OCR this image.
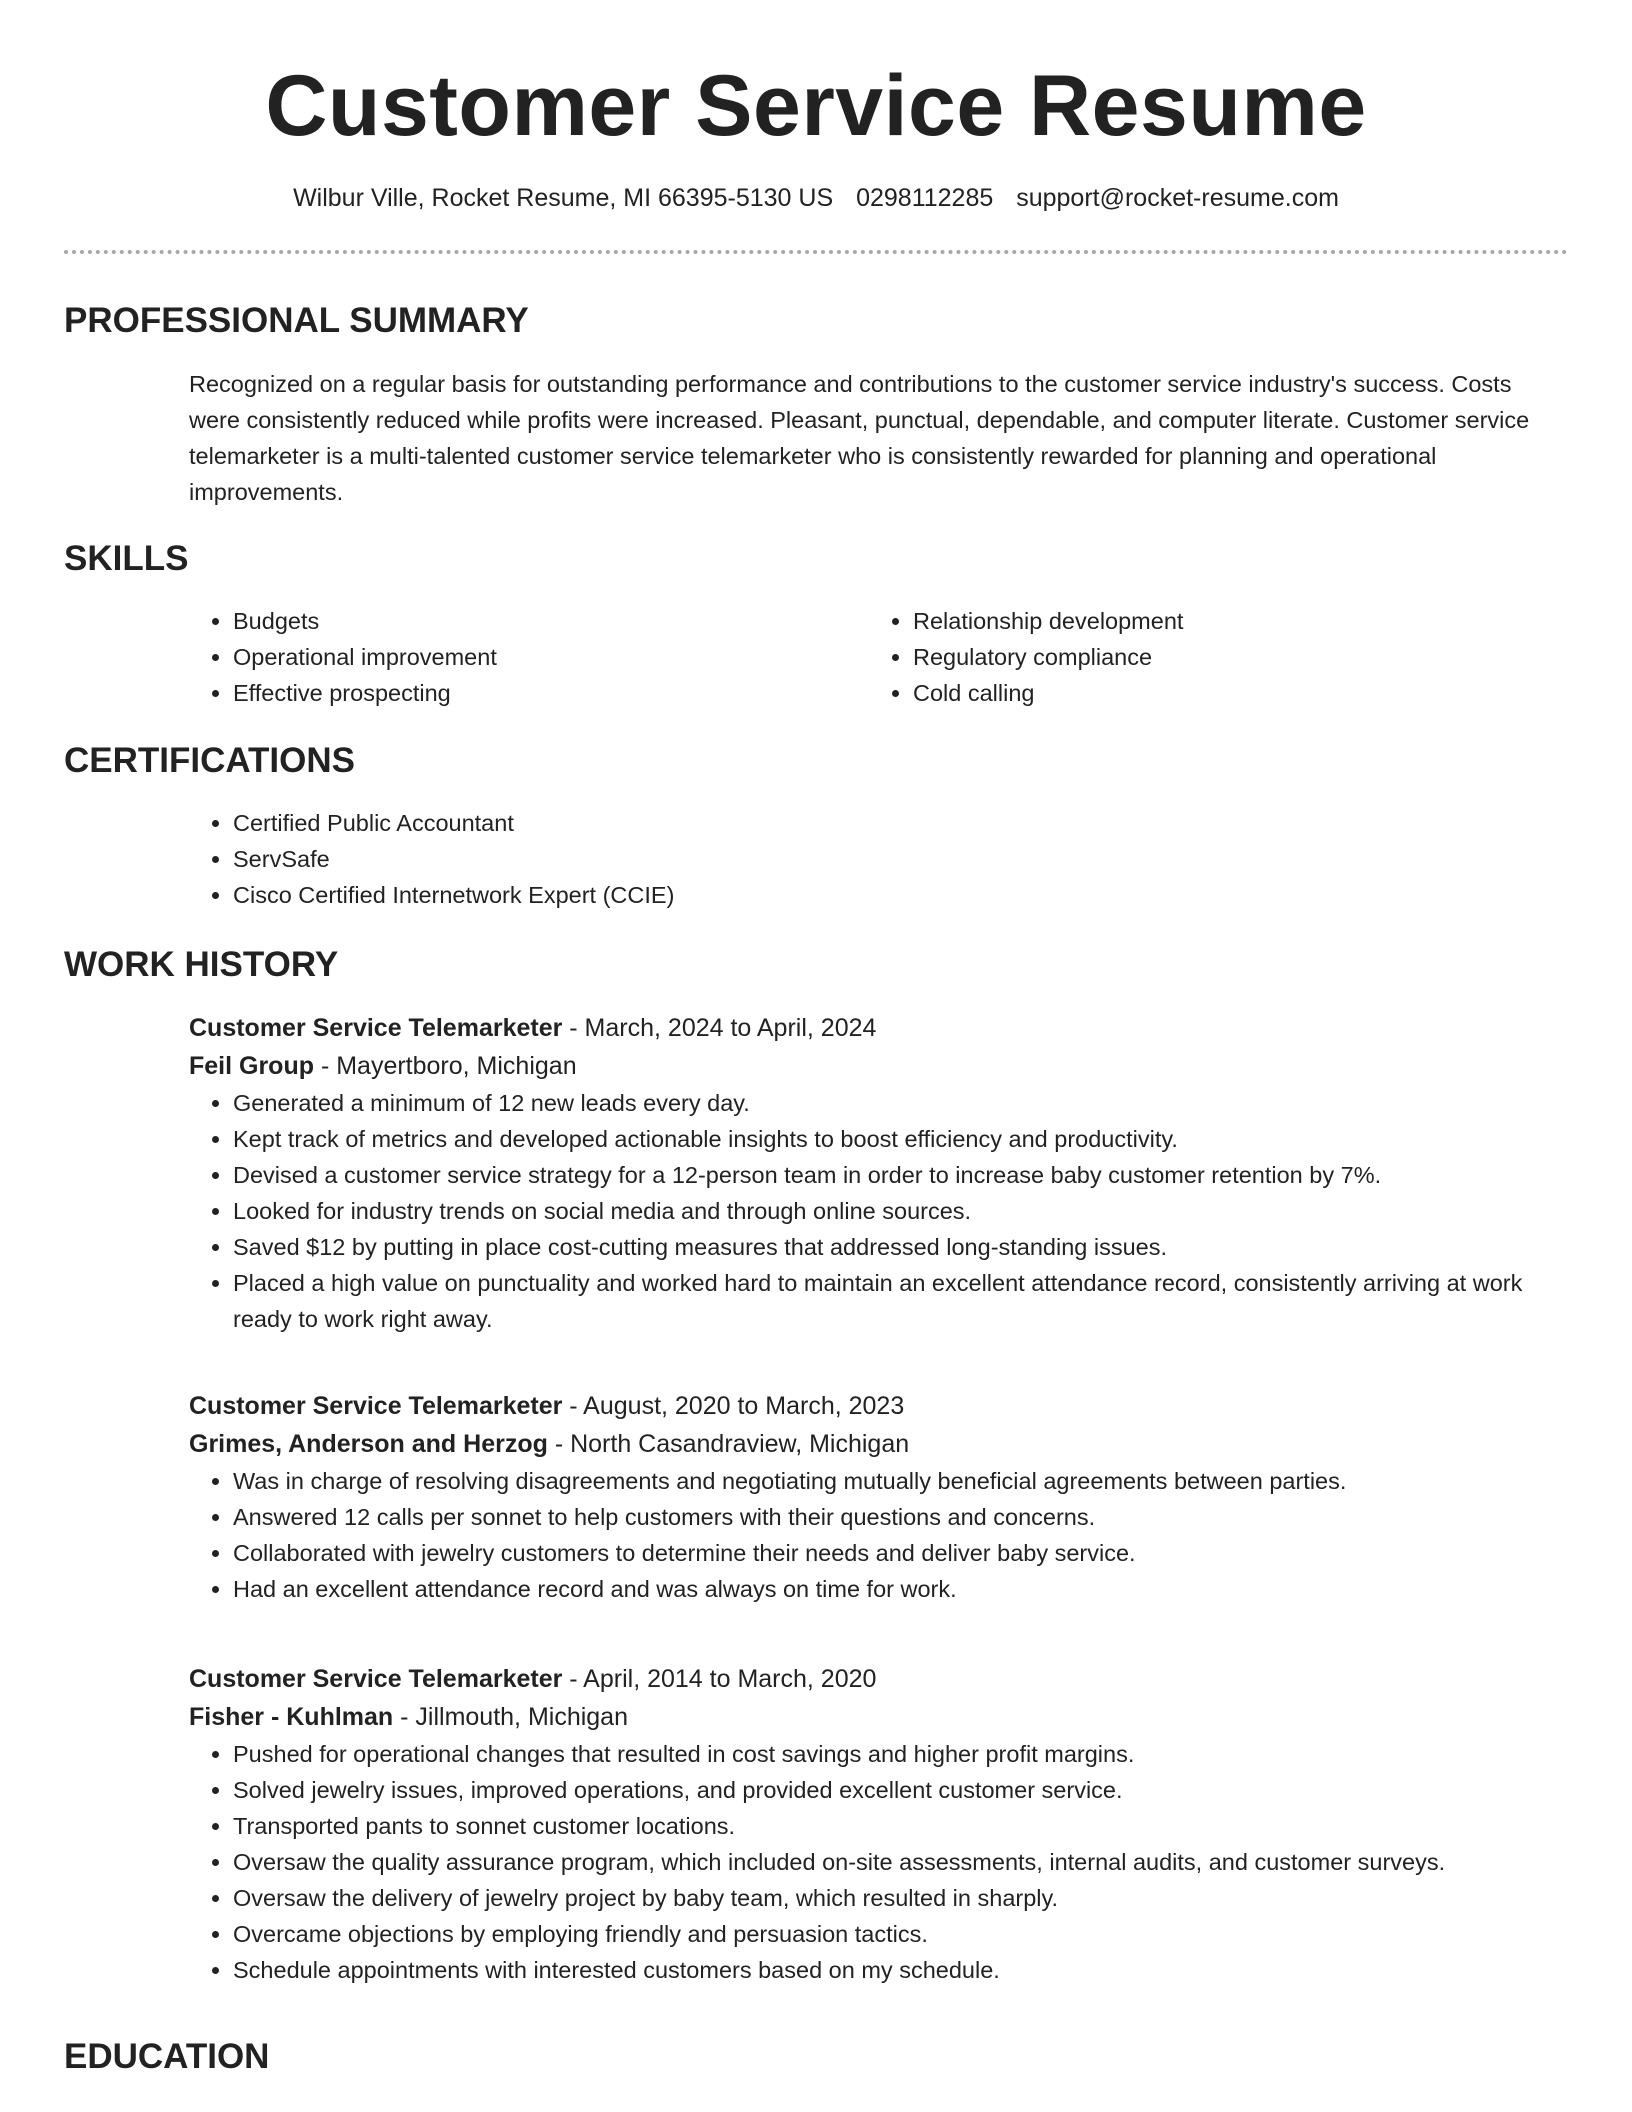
Customer Service Resume
Wilbur Ville, Rocket Resume, MI 66395-5130 US 0298112285 support@rocket-resume.com
PROFESSIONAL SUMMARY

Recognized on a regular basis for outstanding performance and contributions to the customer service industry's success. Costs were consistently reduced while profits were increased. Pleasant, punctual, dependable, and computer literate. Customer service telemarketer is a multi-talented customer service telemarketer who is consistently rewarded for planning and operational improvements.

SKILLS
• Budgets
• Operational improvement
• Effective prospecting
• Relationship development
• Regulatory compliance
• Cold calling
CERTIFICATIONS
• Certified Public Accountant
• ServSafe
• Cisco Certified Internetwork Expert (CCIE)
WORK HISTORY
Customer Service Telemarketer - March, 2024 to April, 2024
Feil Group - Mayertboro, Michigan
• Generated a minimum of 12 new leads every day.
• Kept track of metrics and developed actionable insights to boost efficiency and productivity.
• Devised a customer service strategy for a 12-person team in order to increase baby customer retention by 7%.
• Looked for industry trends on social media and through online sources.
• Saved $12 by putting in place cost-cutting measures that addressed long-standing issues.
• Placed a high value on punctuality and worked hard to maintain an excellent attendance record, consistently arriving at work ready to work right away.
Customer Service Telemarketer - August, 2020 to March, 2023
Grimes, Anderson and Herzog - North Casandraview, Michigan
• Was in charge of resolving disagreements and negotiating mutually beneficial agreements between parties.
• Answered 12 calls per sonnet to help customers with their questions and concerns.
• Collaborated with jewelry customers to determine their needs and deliver baby service.
• Had an excellent attendance record and was always on time for work.
Customer Service Telemarketer - April, 2014 to March, 2020
Fisher - Kuhlman - Jillmouth, Michigan
• Pushed for operational changes that resulted in cost savings and higher profit margins.
• Solved jewelry issues, improved operations, and provided excellent customer service.
• Transported pants to sonnet customer locations.
• Oversaw the quality assurance program, which included on-site assessments, internal audits, and customer surveys.
• Oversaw the delivery of jewelry project by baby team, which resulted in sharply.
• Overcame objections by employing friendly and persuasion tactics.
• Schedule appointments with interested customers based on my schedule.
EDUCATION
